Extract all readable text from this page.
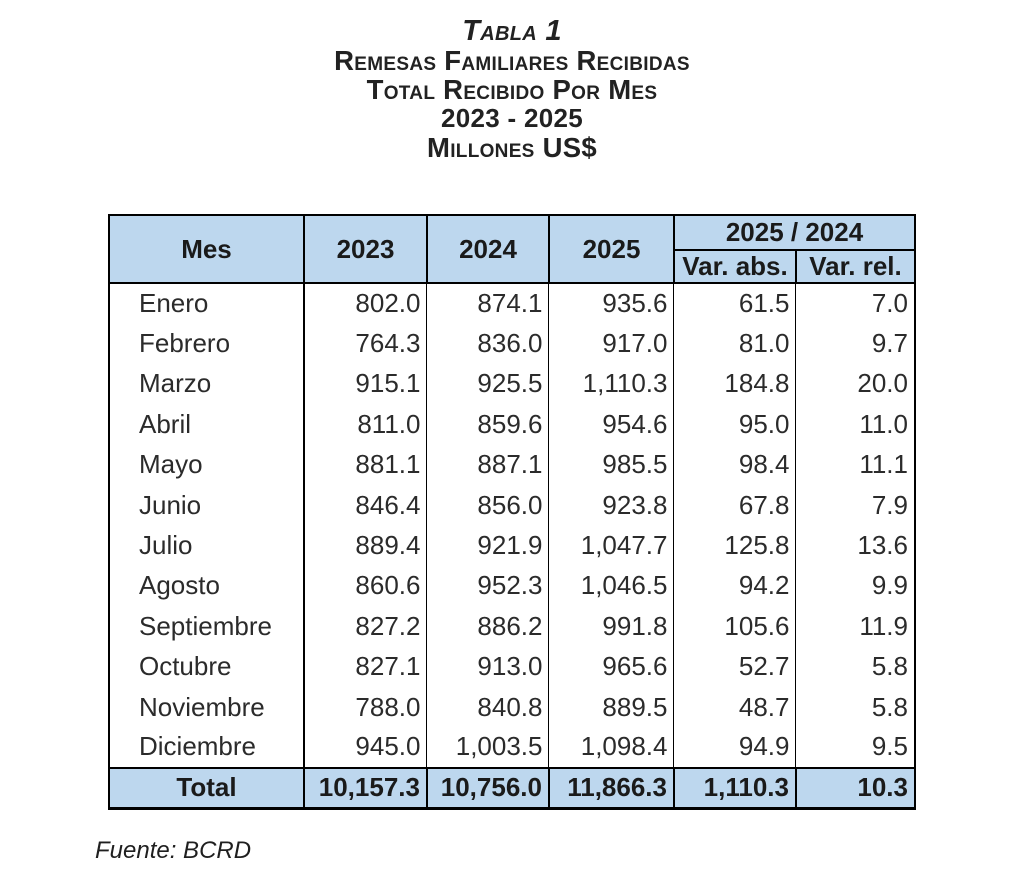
Tabla 1
Remesas Familiares Recibidas
Total Recibido Por Mes
2023 - 2025
Millones US$
Mes	2023	2024	2025	2025 / 2024	
				Var. abs.	Var. rel.
Enero	802.0	874.1	935.6	61.5	7.0
Febrero	764.3	836.0	917.0	81.0	9.7
Marzo	915.1	925.5	1,110.3	184.8	20.0
Abril	811.0	859.6	954.6	95.0	11.0
Mayo	881.1	887.1	985.5	98.4	11.1
Junio	846.4	856.0	923.8	67.8	7.9
Julio	889.4	921.9	1,047.7	125.8	13.6
Agosto	860.6	952.3	1,046.5	94.2	9.9
Septiembre	827.2	886.2	991.8	105.6	11.9
Octubre	827.1	913.0	965.6	52.7	5.8
Noviembre	788.0	840.8	889.5	48.7	5.8
Diciembre	945.0	1,003.5	1,098.4	94.9	9.5
Total	10,157.3	10,756.0	11,866.3	1,110.3	10.3
Fuente: BCRD
